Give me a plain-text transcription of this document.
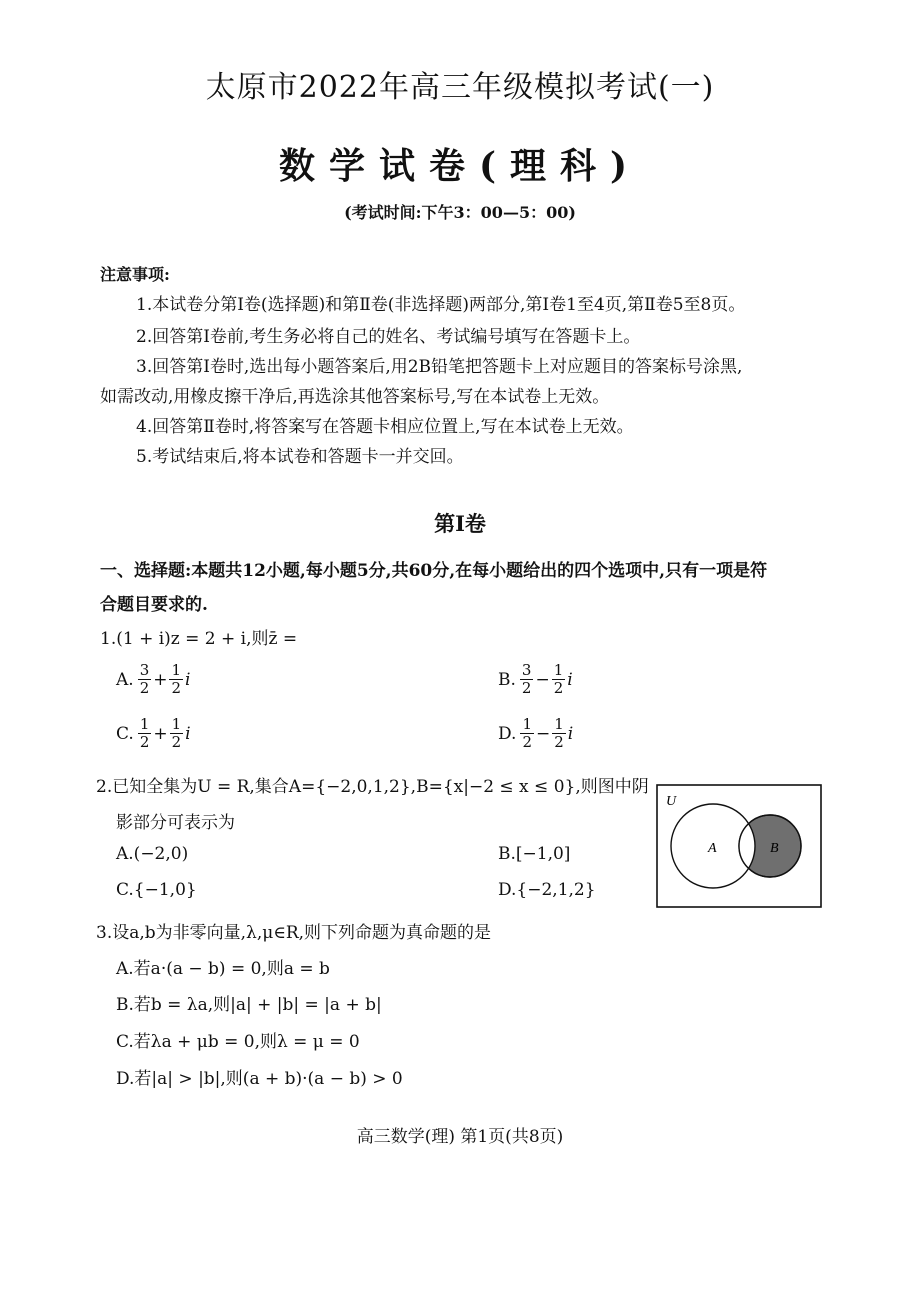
太原市2022年高三年级模拟考试(一)
数学试卷(理科)
(考试时间:下午3：00—5：00)
注意事项:
1.本试卷分第Ⅰ卷(选择题)和第Ⅱ卷(非选择题)两部分,第Ⅰ卷1至4页,第Ⅱ卷5至8页。
2.回答第Ⅰ卷前,考生务必将自己的姓名、考试编号填写在答题卡上。
3.回答第Ⅰ卷时,选出每小题答案后,用2B铅笔把答题卡上对应题目的答案标号涂黑,
如需改动,用橡皮擦干净后,再选涂其他答案标号,写在本试卷上无效。
4.回答第Ⅱ卷时,将答案写在答题卡相应位置上,写在本试卷上无效。
5.考试结束后,将本试卷和答题卡一并交回。
第Ⅰ卷
一、选择题:本题共12小题,每小题5分,共60分,在每小题给出的四个选项中,只有一项是符
合题目要求的.
1.(1 + i)z = 2 + i,则z̄ =
A. $\frac{3}{2} + \frac{1}{2}$ i	B. $\frac{3}{2} - \frac{1}{2}$ i
C. $\frac{1}{2} + \frac{1}{2}$ i	D. $\frac{1}{2} - \frac{1}{2}$ i
2.已知全集为U = R,集合A={−2,0,1,2},B={x|−2 ≤ x ≤ 0},则图中阴
影部分可表示为
A.(−2,0)	B.[−1,0]
C.{−1,0}	D.{−2,1,2}
U
A	B
3.设a,b为非零向量,λ,μ∈R,则下列命题为真命题的是
A.若a·(a − b) = 0,则a = b
B.若b = λa,则|a| + |b| = |a + b|
C.若λa + μb = 0,则λ = μ = 0
D.若|a| > |b|,则(a + b)·(a − b) > 0
高三数学(理) 第1页(共8页)
